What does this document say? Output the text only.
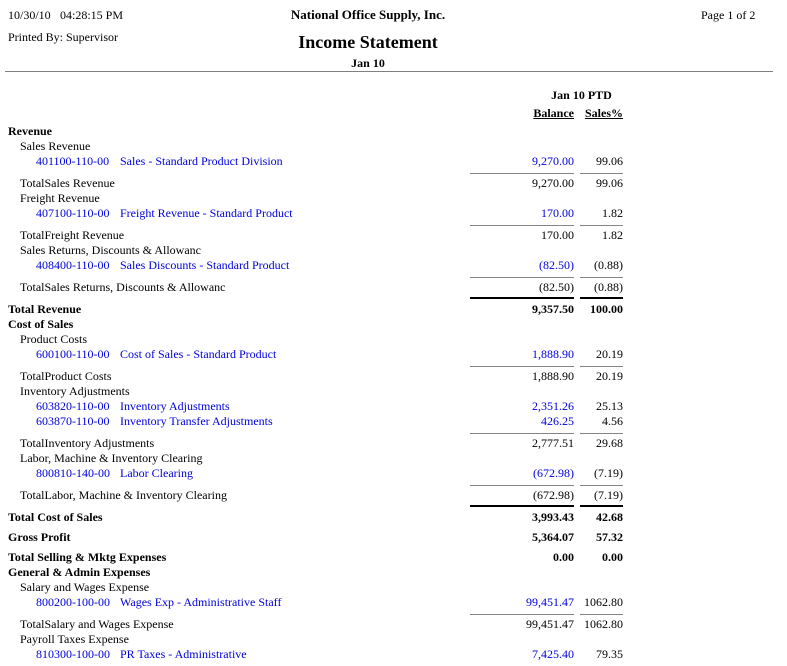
10/30/10 04:28:15 PM	National Office Supply, Inc.	Page 1 of 2
Printed By: Supervisor	Income Statement
Jan 10
Jan 10 PTD
Balance Sales%
Revenue
Sales Revenue
401100-110-00 Sales - Standard Product Division	9,270.00	99.06
TotalSales Revenue	9,270.00	99.06
Freight Revenue
407100-110-00 Freight Revenue - Standard Product	170.00	1.82
TotalFreight Revenue	170.00	1.82
Sales Returns, Discounts & Allowanc
408400-110-00 Sales Discounts - Standard Product	(82.50)	(0.88)
TotalSales Returns, Discounts & Allowanc	(82.50)	(0.88)
Total Revenue	9,357.50	100.00
Cost of Sales
Product Costs
600100-110-00 Cost of Sales - Standard Product	1,888.90	20.19
TotalProduct Costs	1,888.90	20.19
Inventory Adjustments
603820-110-00 Inventory Adjustments	2,351.26	25.13
603870-110-00 Inventory Transfer Adjustments	426.25	4.56
TotalInventory Adjustments	2,777.51	29.68
Labor, Machine & Inventory Clearing
800810-140-00 Labor Clearing	(672.98)	(7.19)
TotalLabor, Machine & Inventory Clearing	(672.98)	(7.19)
Total Cost of Sales	3,993.43	42.68
Gross Profit	5,364.07	57.32
Total Selling & Mktg Expenses	0.00	0.00
General & Admin Expenses
Salary and Wages Expense
800200-100-00 Wages Exp - Administrative Staff	99,451.47 1062.80
TotalSalary and Wages Expense	99,451.47 1062.80
Payroll Taxes Expense
810300-100-00 PR Taxes - Administrative	7,425.40	79.35
